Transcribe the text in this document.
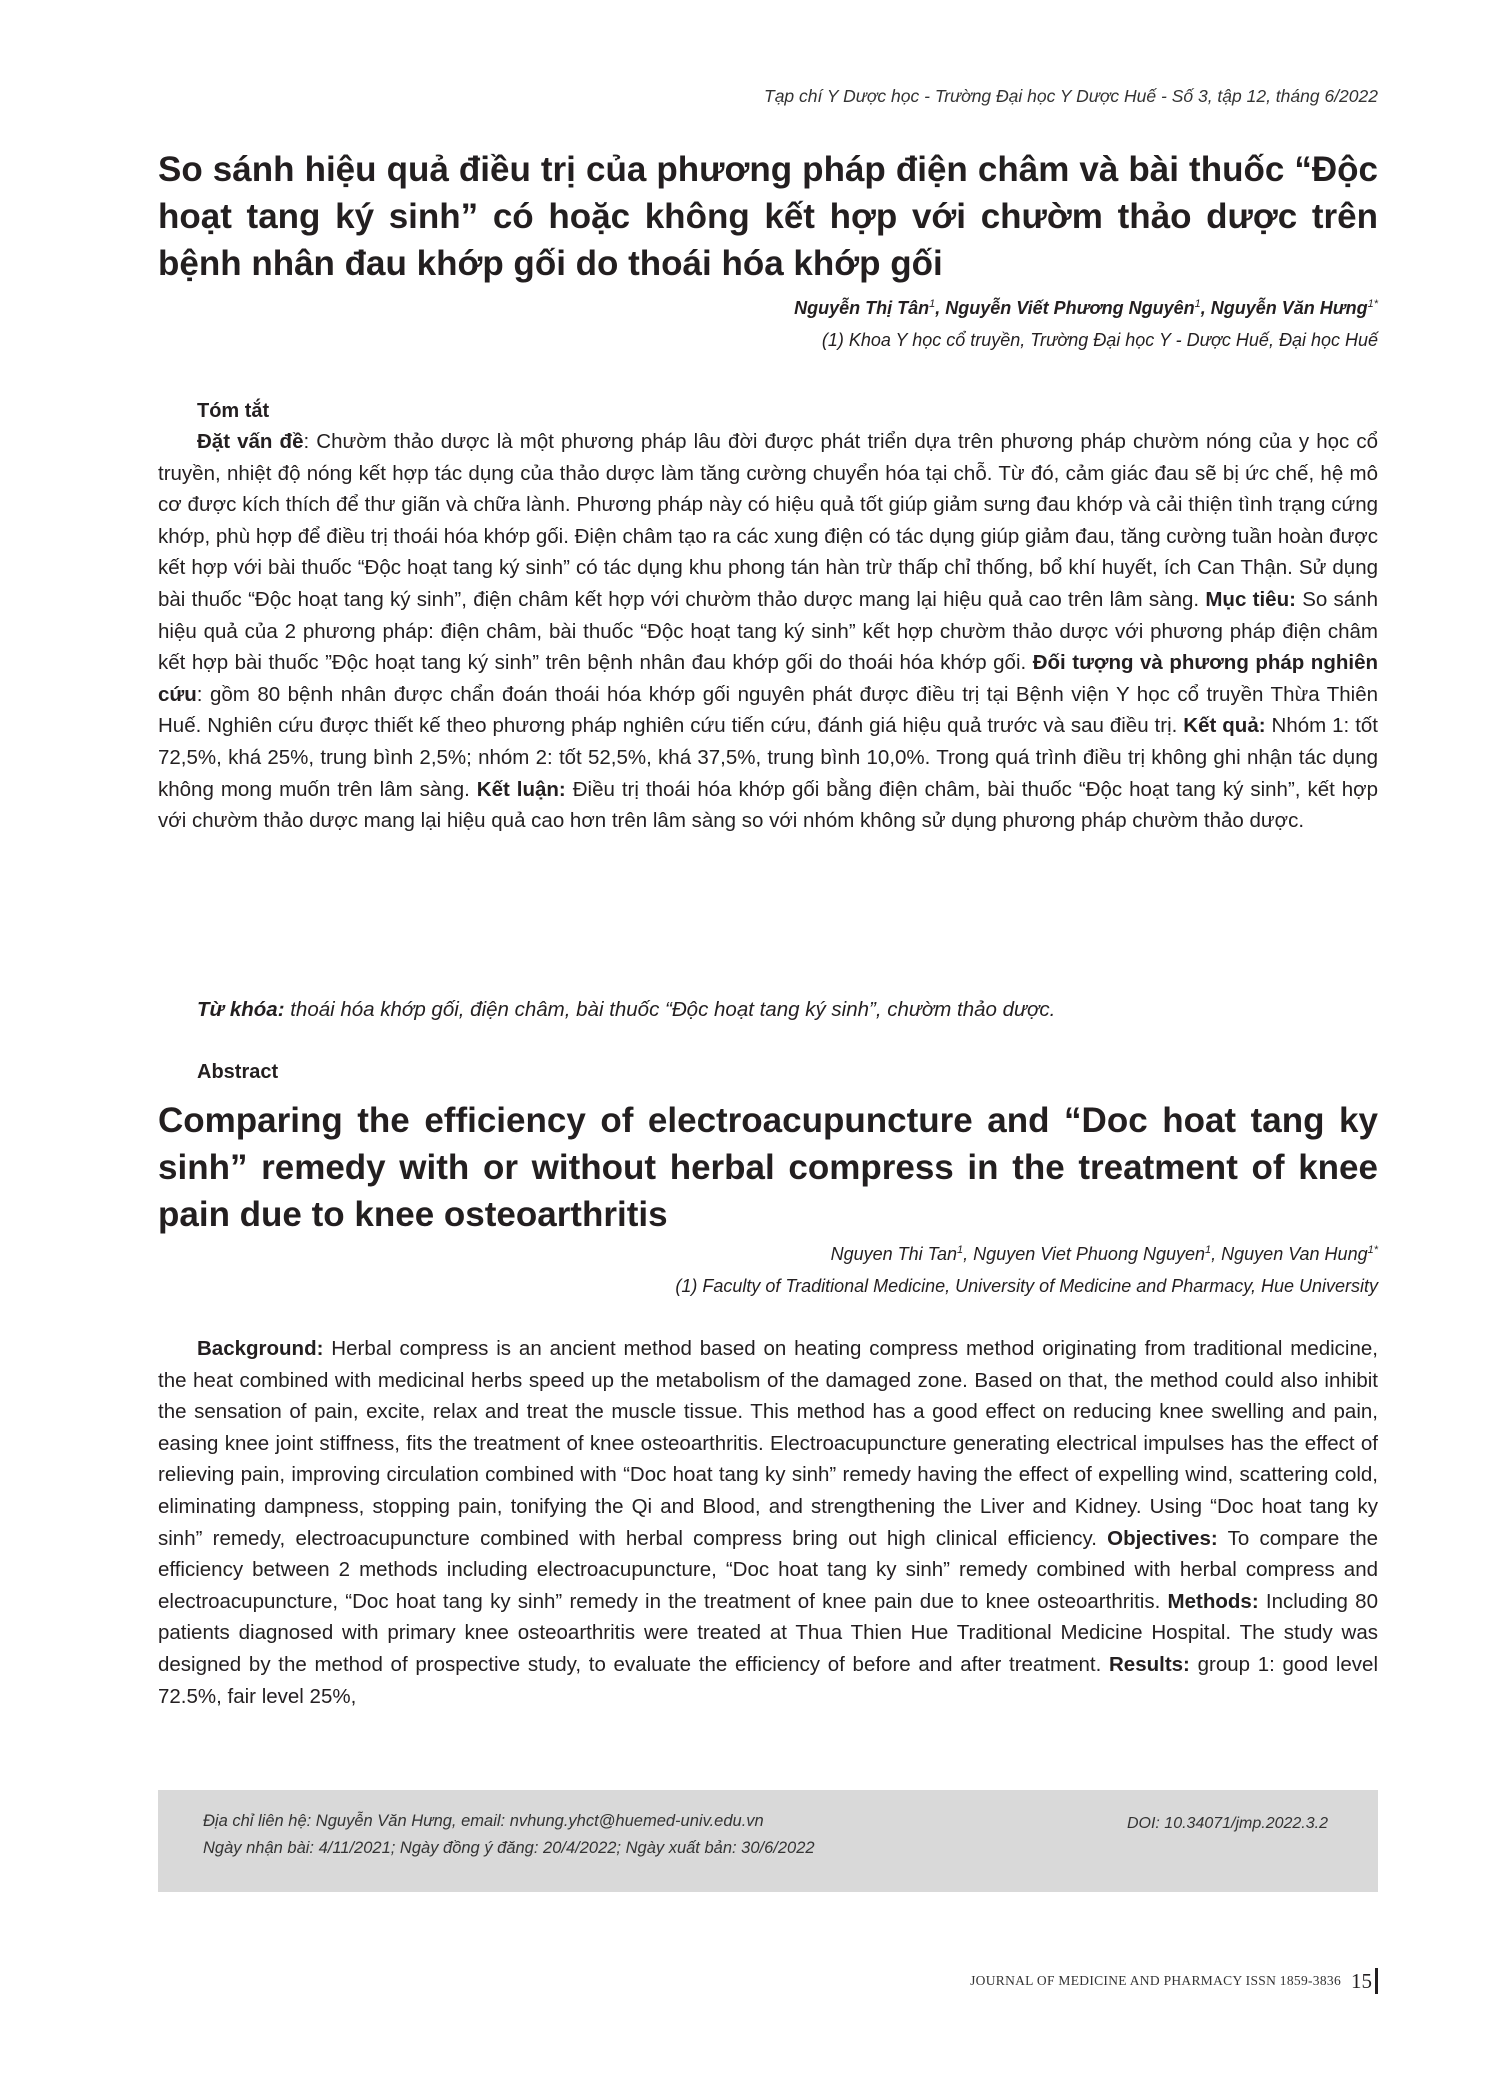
Tạp chí Y Dược học - Trường Đại học Y Dược Huế - Số 3, tập 12, tháng 6/2022
So sánh hiệu quả điều trị của phương pháp điện châm và bài thuốc “Độc hoạt tang ký sinh” có hoặc không kết hợp với chườm thảo dược trên bệnh nhân đau khớp gối do thoái hóa khớp gối
Nguyễn Thị Tân$^1$, Nguyễn Viết Phương Nguyên$^1$, Nguyễn Văn Hưng$^{1*}$
(1) Khoa Y học cổ truyền, Trường Đại học Y - Dược Huế, Đại học Huế
Tóm tắt

Đặt vấn đề: Chườm thảo dược là một phương pháp lâu đời được phát triển dựa trên phương pháp chườm nóng của y học cổ truyền, nhiệt độ nóng kết hợp tác dụng của thảo dược làm tăng cường chuyển hóa tại chỗ. Từ đó, cảm giác đau sẽ bị ức chế, hệ mô cơ được kích thích để thư giãn và chữa lành. Phương pháp này có hiệu quả tốt giúp giảm sưng đau khớp và cải thiện tình trạng cứng khớp, phù hợp để điều trị thoái hóa khớp gối. Điện châm tạo ra các xung điện có tác dụng giúp giảm đau, tăng cường tuần hoàn được kết hợp với bài thuốc “Độc hoạt tang ký sinh” có tác dụng khu phong tán hàn trừ thấp chỉ thống, bổ khí huyết, ích Can Thận. Sử dụng bài thuốc “Độc hoạt tang ký sinh”, điện châm kết hợp với chườm thảo dược mang lại hiệu quả cao trên lâm sàng. Mục tiêu: So sánh hiệu quả của 2 phương pháp: điện châm, bài thuốc “Độc hoạt tang ký sinh” kết hợp chườm thảo dược với phương pháp điện châm kết hợp bài thuốc ”Độc hoạt tang ký sinh” trên bệnh nhân đau khớp gối do thoái hóa khớp gối. Đối tượng và phương pháp nghiên cứu: gồm 80 bệnh nhân được chẩn đoán thoái hóa khớp gối nguyên phát được điều trị tại Bệnh viện Y học cổ truyền Thừa Thiên Huế. Nghiên cứu được thiết kế theo phương pháp nghiên cứu tiến cứu, đánh giá hiệu quả trước và sau điều trị. Kết quả: Nhóm 1: tốt 72,5%, khá 25%, trung bình 2,5%; nhóm 2: tốt 52,5%, khá 37,5%, trung bình 10,0%. Trong quá trình điều trị không ghi nhận tác dụng không mong muốn trên lâm sàng. Kết luận: Điều trị thoái hóa khớp gối bằng điện châm, bài thuốc “Độc hoạt tang ký sinh”, kết hợp với chườm thảo dược mang lại hiệu quả cao hơn trên lâm sàng so với nhóm không sử dụng phương pháp chườm thảo dược.

Từ khóa: thoái hóa khớp gối, điện châm, bài thuốc “Độc hoạt tang ký sinh”, chườm thảo dược.
Abstract
Comparing the efficiency of electroacupuncture and “Doc hoat tang ky sinh” remedy with or without herbal compress in the treatment of knee pain due to knee osteoarthritis
Nguyen Thi Tan$^1$, Nguyen Viet Phuong Nguyen$^1$, Nguyen Van Hung$^{1*}$
(1) Faculty of Traditional Medicine, University of Medicine and Pharmacy, Hue University

Background: Herbal compress is an ancient method based on heating compress method originating from traditional medicine, the heat combined with medicinal herbs speed up the metabolism of the damaged zone. Based on that, the method could also inhibit the sensation of pain, excite, relax and treat the muscle tissue. This method has a good effect on reducing knee swelling and pain, easing knee joint stiffness, fits the treatment of knee osteoarthritis. Electroacupuncture generating electrical impulses has the effect of relieving pain, improving circulation combined with “Doc hoat tang ky sinh” remedy having the effect of expelling wind, scattering cold, eliminating dampness, stopping pain, tonifying the Qi and Blood, and strengthening the Liver and Kidney. Using “Doc hoat tang ky sinh” remedy, electroacupuncture combined with herbal compress bring out high clinical efficiency. Objectives: To compare the efficiency between 2 methods including electroacupuncture, “Doc hoat tang ky sinh” remedy combined with herbal compress and electroacupuncture, “Doc hoat tang ky sinh” remedy in the treatment of knee pain due to knee osteoarthritis. Methods: Including 80 patients diagnosed with primary knee osteoarthritis were treated at Thua Thien Hue Traditional Medicine Hospital. The study was designed by the method of prospective study, to evaluate the efficiency of before and after treatment. Results: group 1: good level 72.5%, fair level 25%,

Địa chỉ liên hệ: Nguyễn Văn Hưng, email: nvhung.yhct@huemed-univ.edu.vn
Ngày nhận bài: 4/11/2021; Ngày đồng ý đăng: 20/4/2022; Ngày xuất bản: 30/6/2022
DOI: 10.34071/jmp.2022.3.2
JOURNAL OF MEDICINE AND PHARMACY ISSN 1859-3836 15
